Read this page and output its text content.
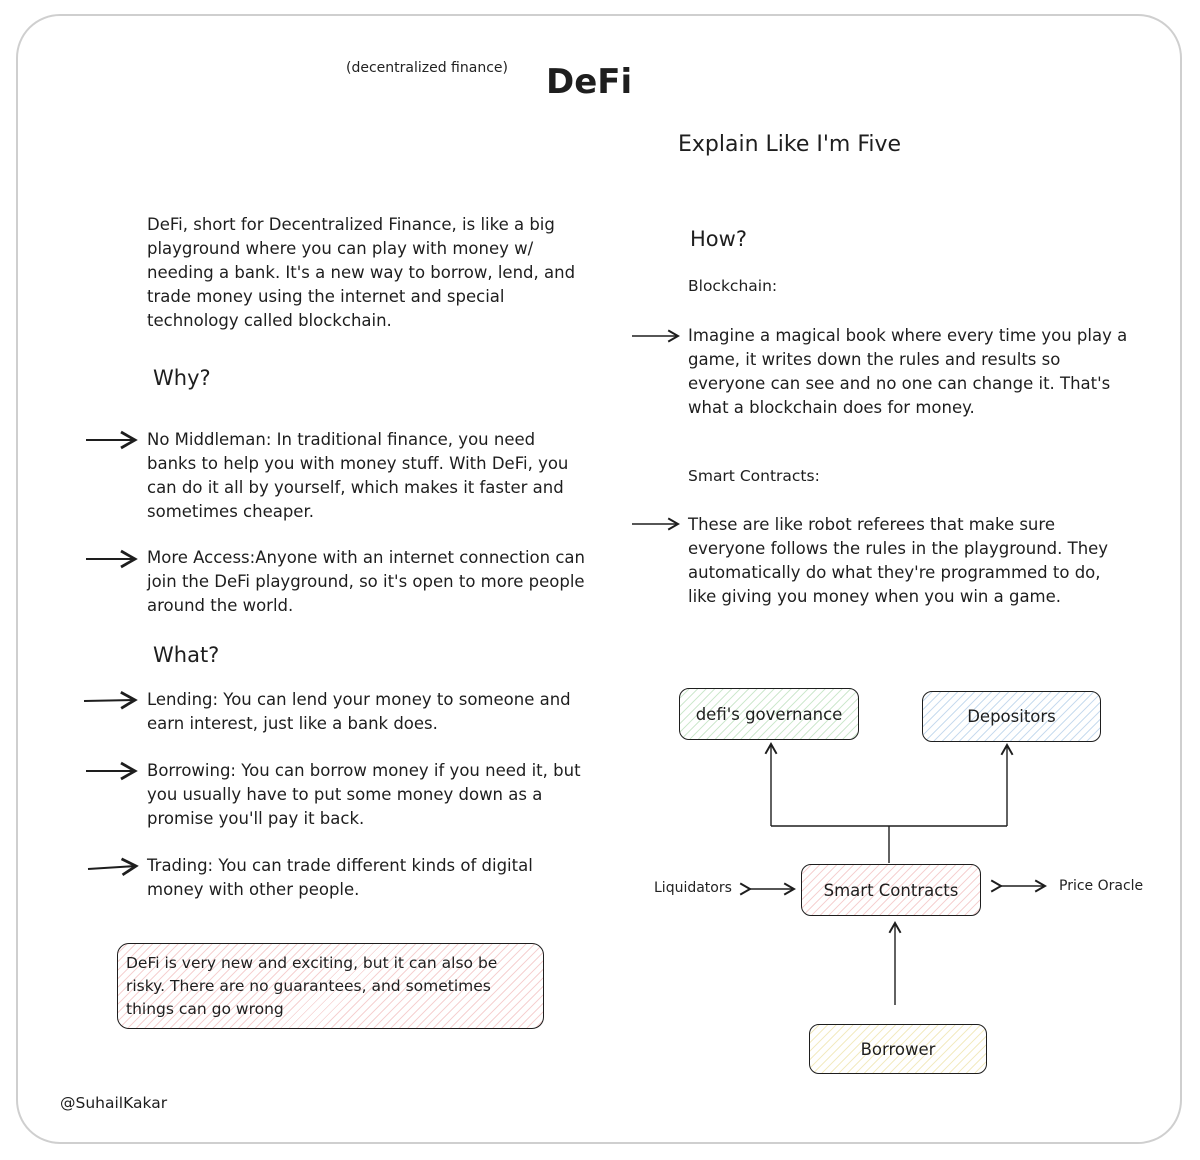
(decentralized finance) DeFi
Explain Like I'm Five
DeFi, short for Decentralized Finance, is like a big playground where you can play with money w/ needing a bank. It's a new way to borrow, lend, and trade money using the internet and special technology called blockchain.
Why?
No Middleman: In traditional finance, you need banks to help you with money stuff. With DeFi, you can do it all by yourself, which makes it faster and sometimes cheaper.
More Access:Anyone with an internet connection can join the DeFi playground, so it's open to more people around the world.
What?
Lending: You can lend your money to someone and earn interest, just like a bank does.
Borrowing: You can borrow money if you need it, but you usually have to put some money down as a promise you'll pay it back.
Trading: You can trade different kinds of digital money with other people.
DeFi is very new and exciting, but it can also be risky. There are no guarantees, and sometimes things can go wrong
@SuhailKakar
How?
Blockchain:
Imagine a magical book where every time you play a game, it writes down the rules and results so everyone can see and no one can change it. That's what a blockchain does for money.
Smart Contracts:
These are like robot referees that make sure everyone follows the rules in the playground. They automatically do what they're programmed to do, like giving you money when you win a game.
defi's governance	Depositors
Smart Contracts
Borrower
Liquidators	Price Oracle
